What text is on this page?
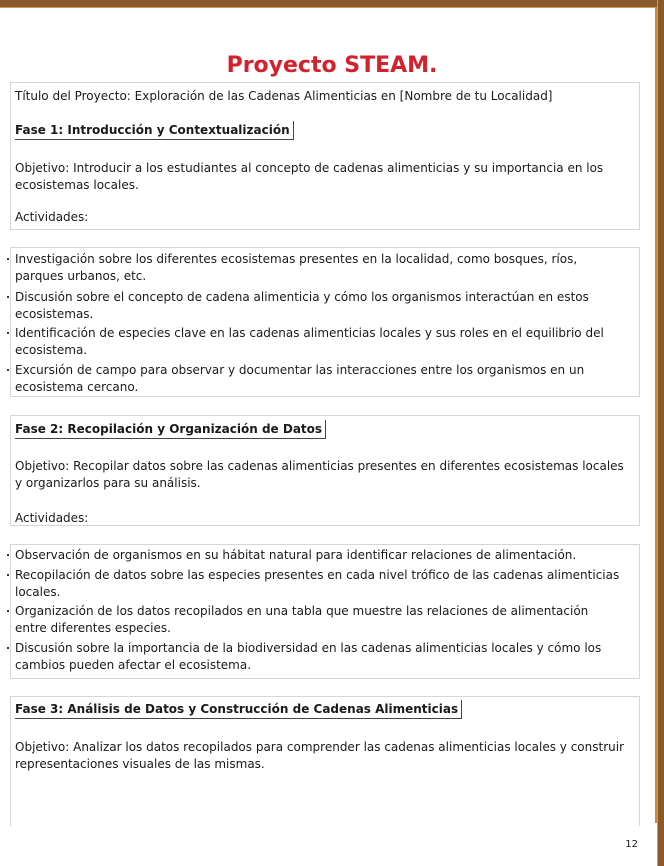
Proyecto STEAM.
Título del Proyecto: Exploración de las Cadenas Alimenticias en [Nombre de tu Localidad]
Fase 1: Introducción y Contextualización
Objetivo: Introducir a los estudiantes al concepto de cadenas alimenticias y su importancia en los
ecosistemas locales.
Actividades:
Investigación sobre los diferentes ecosistemas presentes en la localidad, como bosques, ríos,
parques urbanos, etc.
Discusión sobre el concepto de cadena alimenticia y cómo los organismos interactúan en estos
ecosistemas.
Identificación de especies clave en las cadenas alimenticias locales y sus roles en el equilibrio del
ecosistema.
Excursión de campo para observar y documentar las interacciones entre los organismos en un
ecosistema cercano.
Fase 2: Recopilación y Organización de Datos
Objetivo: Recopilar datos sobre las cadenas alimenticias presentes en diferentes ecosistemas locales
y organizarlos para su análisis.
Actividades:
Observación de organismos en su hábitat natural para identificar relaciones de alimentación.
Recopilación de datos sobre las especies presentes en cada nivel trófico de las cadenas alimenticias
locales.
Organización de los datos recopilados en una tabla que muestre las relaciones de alimentación
entre diferentes especies.
Discusión sobre la importancia de la biodiversidad en las cadenas alimenticias locales y cómo los
cambios pueden afectar el ecosistema.
Fase 3: Análisis de Datos y Construcción de Cadenas Alimenticias
Objetivo: Analizar los datos recopilados para comprender las cadenas alimenticias locales y construir
representaciones visuales de las mismas.
12
